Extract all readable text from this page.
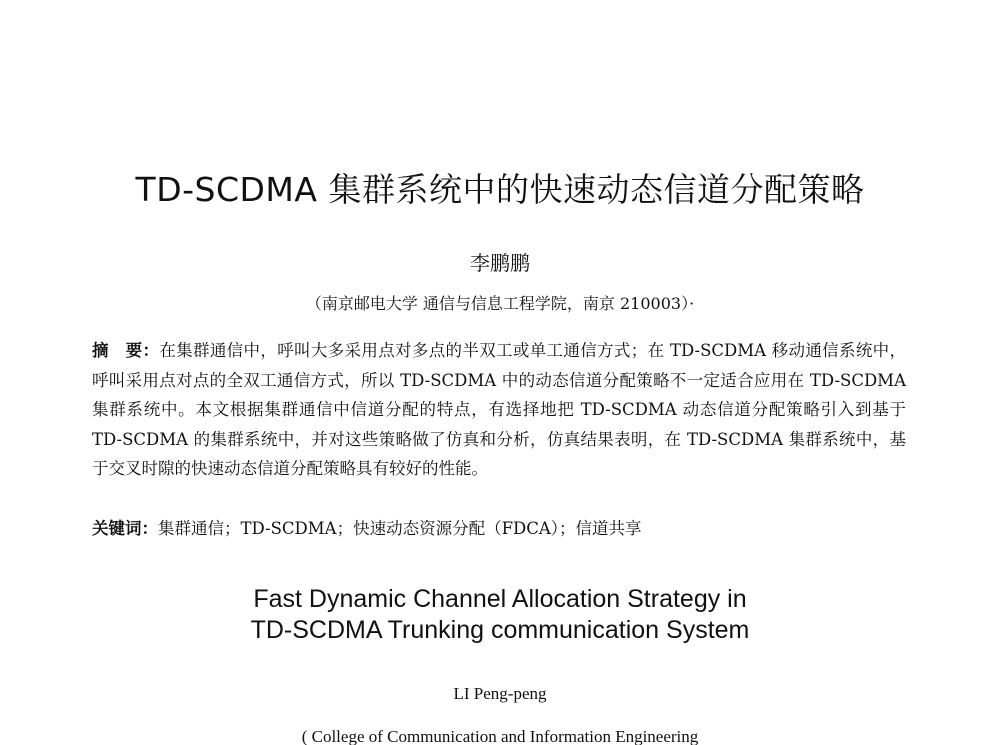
TD-SCDMA 集群系统中的快速动态信道分配策略
李鹏鹏
（南京邮电大学 通信与信息工程学院，南京 210003）·

摘　要：在集群通信中，呼叫大多采用点对多点的半双工或单工通信方式；在 TD-SCDMA 移动通信系统中，呼叫采用点对点的全双工通信方式，所以 TD-SCDMA 中的动态信道分配策略不一定适合应用在 TD-SCDMA 集群系统中。本文根据集群通信中信道分配的特点，有选择地把 TD-SCDMA 动态信道分配策略引入到基于 TD-SCDMA 的集群系统中，并对这些策略做了仿真和分析，仿真结果表明，在 TD-SCDMA 集群系统中，基于交叉时隙的快速动态信道分配策略具有较好的性能。

关键词：集群通信；TD-SCDMA；快速动态资源分配（FDCA）；信道共享
Fast Dynamic Channel Allocation Strategy in
TD-SCDMA Trunking communication System
LI Peng-peng
( College of Communication and Information Engineering
